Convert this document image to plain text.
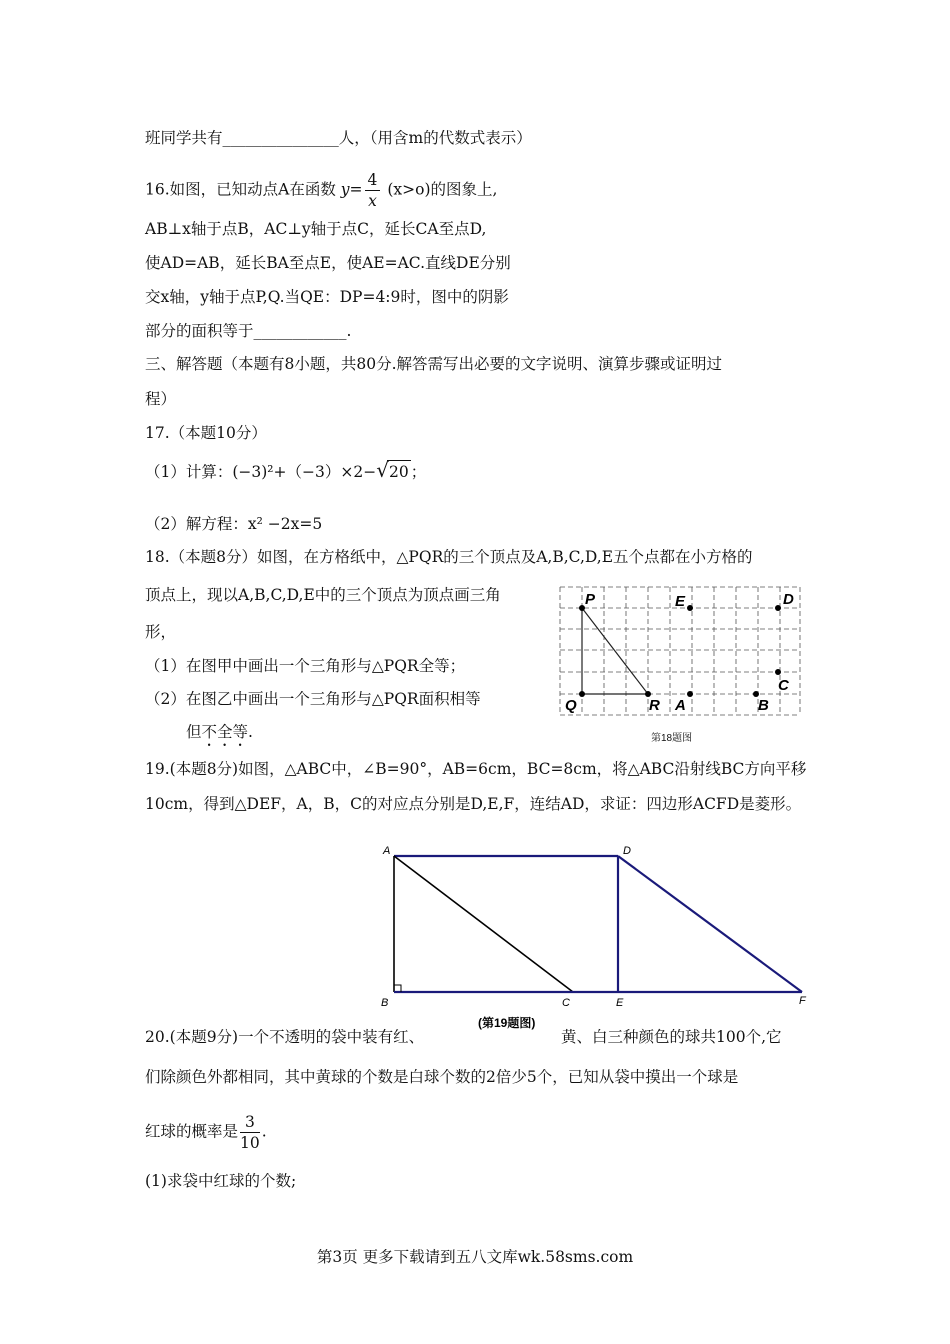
班同学共有_______________人，（用含m的代数式表示）
16.如图，已知动点A在函数 $y= \frac{4}{x} (x>o)$的图象上,
AB⊥x轴于点B，AC⊥y轴于点C，延长CA至点D,
使AD=AB，延长BA至点E，使AE=AC.直线DE分别
交x轴，y轴于点P,Q.当QE：DP=4:9时，图中的阴影
部分的面积等于____________.
三、解答题（本题有8小题，共80分.解答需写出必要的文字说明、演算步骤或证明过
程）
17.（本题10分）
（1）计算：(−3)²+（−3）×2−√20 ；
（2）解方程：x² −2x=5
18.（本题8分）如图，在方格纸中，△PQR的三个顶点及A,B,C,D,E五个点都在小方格的
顶点上，现以A,B,C,D,E中的三个顶点为顶点画三角
形，
（1）在图甲中画出一个三角形与△PQR全等；
（2）在图乙中画出一个三角形与△PQR面积相等
但不全等.
P	E	D
C
Q	R A	B
第18题图
19.(本题8分)如图，△ABC中，∠B=90°，AB=6cm，BC=8cm，将△ABC沿射线BC方向平移
10cm，得到△DEF，A，B，C的对应点分别是D,E,F，连结AD，求证：四边形ACFD是菱形。
A
B	C
D
E	F
(第19题图)
20.(本题9分)一个不透明的袋中装有红、	黄、白三种颜色的球共100个,它
们除颜色外都相同，其中黄球的个数是白球个数的2倍少5个，已知从袋中摸出一个球是
红球的概率是 $\frac{3}{10}$ .
(1)求袋中红球的个数;
第3页 更多下载请到五八文库wk.58sms.com
